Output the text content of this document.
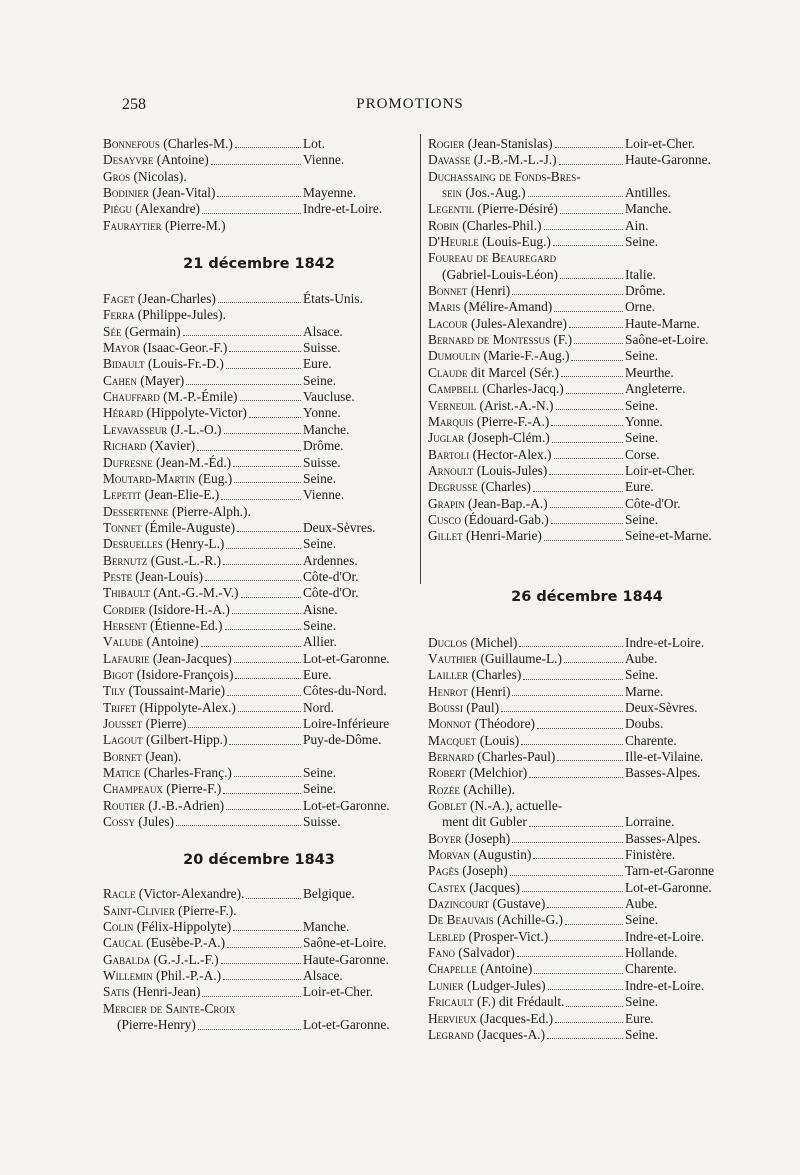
258	PROMOTIONS
Bonnefous (Charles-M.)	Lot.
Desayvre (Antoine)	Vienne.
Gros (Nicolas).
Bodinier (Jean-Vital)	Mayenne.
Piégu (Alexandre)	Indre-et-Loire.
Fauraytier (Pierre-M.)
21 décembre 1842
Faget (Jean-Charles)	États-Unis.
Ferra (Philippe-Jules).
Sée (Germain)	Alsace.
Mayor (Isaac-Geor.-F.)	Suisse.
Bidault (Louis-Fr.-D.)	Eure.
Cahen (Mayer)	Seine.
Chauffard (M.-P.-Émile)	Vaucluse.
Hérard (Hippolyte-Victor)	Yonne.
Levavasseur (J.-L.-O.)	Manche.
Richard (Xavier)	Drôme.
Dufresne (Jean-M.-Éd.)	Suisse.
Moutard-Martin (Eug.)	Seine.
Lepetit (Jean-Elie-E.)	Vienne.
Dessertenne (Pierre-Alph.).
Tonnet (Émile-Auguste)	Deux-Sèvres.
Desruelles (Henry-L.)	Seine.
Bernutz (Gust.-L.-R.)	Ardennes.
Peste (Jean-Louis)	Côte-d'Or.
Thibault (Ant.-G.-M.-V.)	Côte-d'Or.
Cordier (Isidore-H.-A.)	Aisne.
Hersent (Étienne-Ed.)	Seine.
Valude (Antoine)	Allier.
Lafaurie (Jean-Jacques)	Lot-et-Garonne.
Bigot (Isidore-François)	Eure.
Tily (Toussaint-Marie)	Côtes-du-Nord.
Trifet (Hippolyte-Alex.)	Nord.
Jousset (Pierre)	Loire-Inférieure
Lagout (Gilbert-Hipp.)	Puy-de-Dôme.
Bornet (Jean).
Matice (Charles-Franç.)	Seine.
Champeaux (Pierre-F.)	Seine.
Routier (J.-B.-Adrien)	Lot-et-Garonne.
Cossy (Jules)	Suisse.
20 décembre 1843
Racle (Victor-Alexandre).	Belgique.
Saint-Clivier (Pierre-F.).
Colin (Félix-Hippolyte)	Manche.
Caucal (Eusèbe-P.-A.)	Saône-et-Loire.
Gabalda (G.-J.-L.-F.)	Haute-Garonne.
Willemin (Phil.-P.-A.)	Alsace.
Satis (Henri-Jean)	Loir-et-Cher.
Mercier de Sainte-Croix
(Pierre-Henry)	Lot-et-Garonne.
Rogier (Jean-Stanislas)	Loir-et-Cher.
Davasse (J.-B.-M.-L.-J.)	Haute-Garonne.
Duchassaing de Fonds-Bres-
sein (Jos.-Aug.)	Antilles.
Legentil (Pierre-Désiré)	Manche.
Robin (Charles-Phil.)	Ain.
D'Heurle (Louis-Eug.)	Seine.
Foureau de Beauregard
(Gabriel-Louis-Léon)	Italie.
Bonnet (Henri)	Drôme.
Maris (Mélire-Amand)	Orne.
Lacour (Jules-Alexandre)	Haute-Marne.
Bernard de Montessus (F.)	Saône-et-Loire.
Dumoulin (Marie-F.-Aug.)	Seine.
Claude dit Marcel (Sér.)	Meurthe.
Campbell (Charles-Jacq.)	Angleterre.
Verneuil (Arist.-A.-N.)	Seine.
Marquis (Pierre-F.-A.)	Yonne.
Juglar (Joseph-Clém.)	Seine.
Bartoli (Hector-Alex.)	Corse.
Arnoult (Louis-Jules)	Loir-et-Cher.
Degrusse (Charles)	Eure.
Grapin (Jean-Bap.-A.)	Côte-d'Or.
Cusco (Édouard-Gab.)	Seine.
Gillet (Henri-Marie)	Seine-et-Marne.
26 décembre 1844
Duclos (Michel)	Indre-et-Loire.
Vauthier (Guillaume-L.)	Aube.
Lailler (Charles)	Seine.
Henrot (Henri)	Marne.
Boussi (Paul)	Deux-Sèvres.
Monnot (Théodore)	Doubs.
Macquet (Louis)	Charente.
Bernard (Charles-Paul)	Ille-et-Vilaine.
Robert (Melchior)	Basses-Alpes.
Rozée (Achille).
Goblet (N.-A.), actuelle-
ment dit Gubler	Lorraine.
Boyer (Joseph)	Basses-Alpes.
Morvan (Augustin)	Finistère.
Pagès (Joseph)	Tarn-et-Garonne
Castex (Jacques)	Lot-et-Garonne.
Dazincourt (Gustave)	Aube.
De Beauvais (Achille-G.)	Seine.
Lebled (Prosper-Vict.)	Indre-et-Loire.
Fano (Salvador)	Hollande.
Chapelle (Antoine)	Charente.
Lunier (Ludger-Jules)	Indre-et-Loire.
Fricault (F.) dit Frédault.	Seine.
Hervieux (Jacques-Ed.)	Eure.
Legrand (Jacques-A.)	Seine.
